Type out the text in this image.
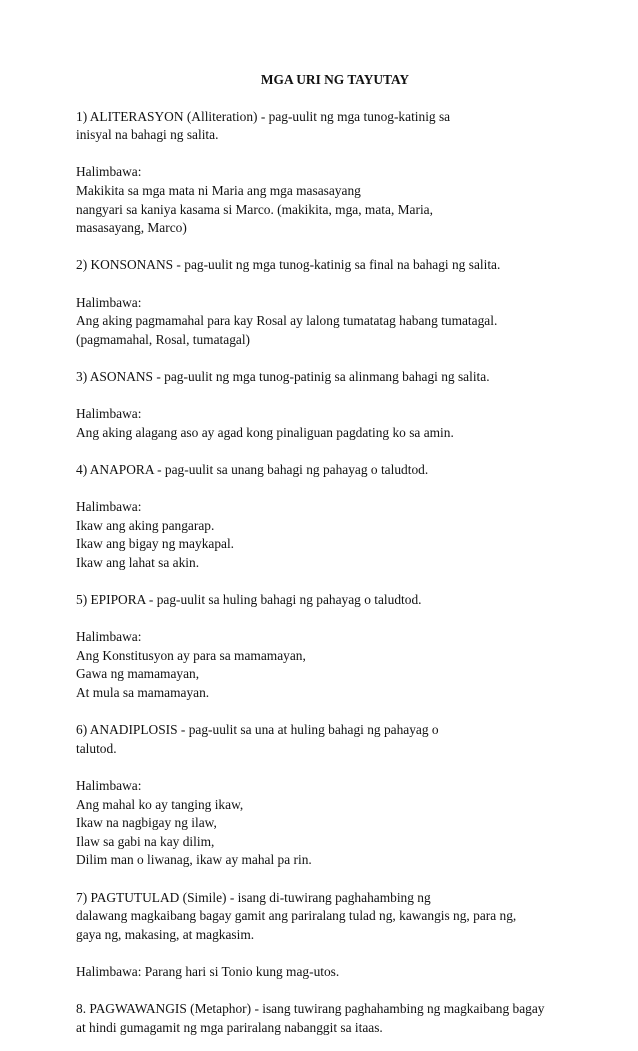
MGA URI NG TAYUTAY
1) ALITERASYON (Alliteration) - pag-uulit ng mga tunog-katinig sa
inisyal na bahagi ng salita.
Halimbawa:
Makikita sa mga mata ni Maria ang mga masasayang
nangyari sa kaniya kasama si Marco. (makikita, mga, mata, Maria,
masasayang, Marco)
2) KONSONANS - pag-uulit ng mga tunog-katinig sa final na bahagi ng salita.
Halimbawa:
Ang aking pagmamahal para kay Rosal ay lalong tumatatag habang tumatagal.
(pagmamahal, Rosal, tumatagal)
3) ASONANS - pag-uulit ng mga tunog-patinig sa alinmang bahagi ng salita.
Halimbawa:
Ang aking alagang aso ay agad kong pinaliguan pagdating ko sa amin.
4) ANAPORA - pag-uulit sa unang bahagi ng pahayag o taludtod.
Halimbawa:
Ikaw ang aking pangarap.
Ikaw ang bigay ng maykapal.
Ikaw ang lahat sa akin.
5) EPIPORA - pag-uulit sa huling bahagi ng pahayag o taludtod.
Halimbawa:
Ang Konstitusyon ay para sa mamamayan,
Gawa ng mamamayan,
At mula sa mamamayan.
6) ANADIPLOSIS - pag-uulit sa una at huling bahagi ng pahayag o
talutod.
Halimbawa:
Ang mahal ko ay tanging ikaw,
Ikaw na nagbigay ng ilaw,
Ilaw sa gabi na kay dilim,
Dilim man o liwanag, ikaw ay mahal pa rin.
7) PAGTUTULAD (Simile) - isang di-tuwirang paghahambing ng
dalawang magkaibang bagay gamit ang pariralang tulad ng, kawangis ng, para ng,
gaya ng, makasing, at magkasim.
Halimbawa: Parang hari si Tonio kung mag-utos.
8. PAGWAWANGIS (Metaphor) - isang tuwirang paghahambing ng magkaibang bagay
at hindi gumagamit ng mga pariralang nabanggit sa itaas.
